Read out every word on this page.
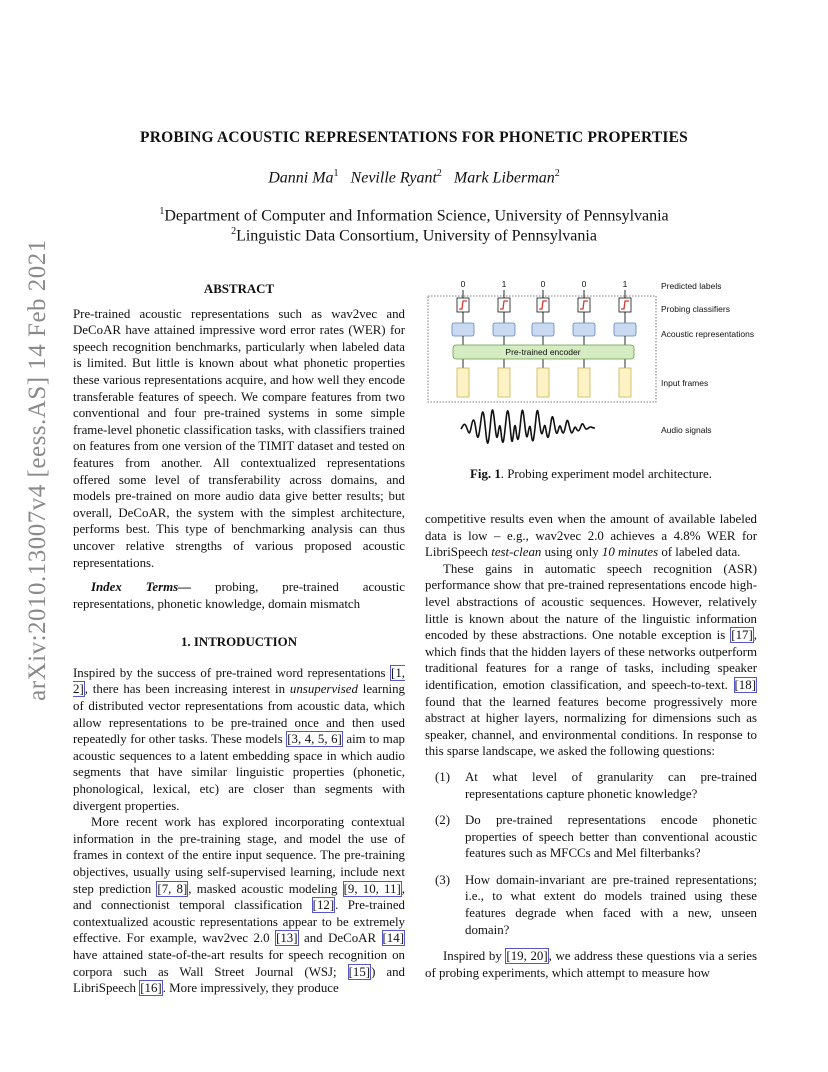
arXiv:2010.13007v4 [eess.AS] 14 Feb 2021
PROBING ACOUSTIC REPRESENTATIONS FOR PHONETIC PROPERTIES
Danni Ma$^1$ Neville Ryant$^2$ Mark Liberman$^2$
$^1$Department of Computer and Information Science, University of Pennsylvania
$^2$Linguistic Data Consortium, University of Pennsylvania
ABSTRACT

Pre-trained acoustic representations such as wav2vec and DeCoAR have attained impressive word error rates (WER) for speech recognition benchmarks, particularly when labeled data is limited. But little is known about what phonetic properties these various representations acquire, and how well they encode transferable features of speech. We compare features from two conventional and four pre-trained systems in some simple frame-level phonetic classification tasks, with classifiers trained on features from one version of the TIMIT dataset and tested on features from another. All contextualized representations offered some level of transferability across domains, and models pre-trained on more audio data give better results; but overall, DeCoAR, the system with the simplest architecture, performs best. This type of benchmarking analysis can thus uncover relative strengths of various proposed acoustic representations.

Index Terms— probing, pre-trained acoustic representations, phonetic knowledge, domain mismatch

1. INTRODUCTION

Inspired by the success of pre-trained word representations [1, 2], there has been increasing interest in unsupervised learning of distributed vector representations from acoustic data, which allow representations to be pre-trained once and then used repeatedly for other tasks. These models [3, 4, 5, 6] aim to map acoustic sequences to a latent embedding space in which audio segments that have similar linguistic properties (phonetic, phonological, lexical, etc) are closer than segments with divergent properties.

More recent work has explored incorporating contextual information in the pre-training stage, and model the use of frames in context of the entire input sequence. The pre-training objectives, usually using self-supervised learning, include next step prediction [7, 8], masked acoustic modeling [9, 10, 11], and connectionist temporal classification [12]. Pre-trained contextualized acoustic representations appear to be extremely effective. For example, wav2vec 2.0 [13] and DeCoAR [14] have attained state-of-the-art results for speech recognition on corpora such as Wall Street Journal (WSJ; [15]) and LibriSpeech [16]. More impressively, they produce

0	1	0	0	1
Pre-trained encoder
Predicted labels
Probing classifiers
Acoustic representations
Input frames
Audio signals
Fig. 1. Probing experiment model architecture.

competitive results even when the amount of available labeled data is low – e.g., wav2vec 2.0 achieves a 4.8% WER for LibriSpeech test-clean using only 10 minutes of labeled data.

These gains in automatic speech recognition (ASR) performance show that pre-trained representations encode high-level abstractions of acoustic sequences. However, relatively little is known about the nature of the linguistic information encoded by these abstractions. One notable exception is [17], which finds that the hidden layers of these networks outperform traditional features for a range of tasks, including speaker identification, emotion classification, and speech-to-text. [18] found that the learned features become progressively more abstract at higher layers, normalizing for dimensions such as speaker, channel, and environmental conditions. In response to this sparse landscape, we asked the following questions:

(1)	At what level of granularity can pre-trained representations capture phonetic knowledge?
(2)	Do pre-trained representations encode phonetic properties of speech better than conventional acoustic features such as MFCCs and Mel filterbanks?
(3)	How domain-invariant are pre-trained representations; i.e., to what extent do models trained using these features degrade when faced with a new, unseen domain?

Inspired by [19, 20], we address these questions via a series of probing experiments, which attempt to measure how
